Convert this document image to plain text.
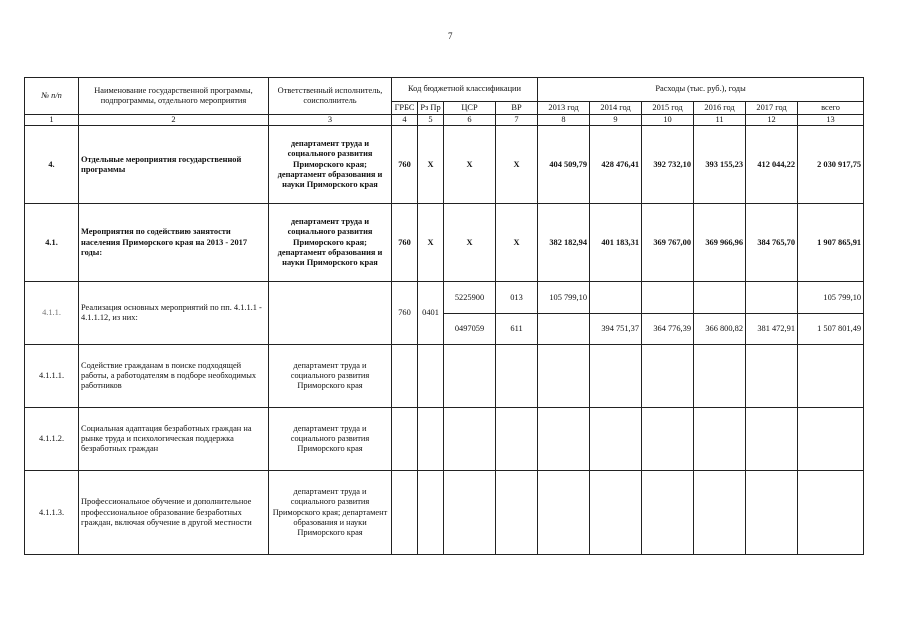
7
№ п/п	Наименование государственной программы, подпрограммы, отдельного мероприятия	Ответственный исполнитель, соисполнитель	Код бюджетной классификации				Расходы (тыс. руб.), годы					
			ГРБС	Рз Пр	ЦСР	ВР	2013 год	2014 год	2015 год	2016 год	2017 год	всего
1	2	3	4	5	6	7	8	9	10	11	12	13
4.	Отдельные мероприятия государственной программы	департамент труда и социального развития Приморского края; департамент образования и науки Приморского края	760	Х	Х	Х	404 509,79	428 476,41	392 732,10	393 155,23	412 044,22	2 030 917,75
4.1.	Мероприятия по содействию занятости населения Приморского края на 2013 - 2017 годы:	департамент труда и социального развития Приморского края; департамент образования и науки Приморского края	760	Х	Х	Х	382 182,94	401 183,31	369 767,00	369 966,96	384 765,70	1 907 865,91
4.1.1.	Реализация основных мероприятий по пп. 4.1.1.1 - 4.1.1.12, из них:		760	0401	5225900	013	105 799,10					105 799,10
					0497059	611		394 751,37	364 776,39	366 800,82	381 472,91	1 507 801,49
4.1.1.1.	Содействие гражданам в поиске подходящей работы, а работодателям в подборе необходимых работников	департамент труда и социального развития Приморского края										
4.1.1.2.	Социальная адаптация безработных граждан на рынке труда и психологическая поддержка безработных граждан	департамент труда и социального развития Приморского края										
4.1.1.3.	Профессиональное обучение и дополнительное профессиональное образование безработных граждан, включая обучение в другой местности	департамент труда и социального развития Приморского края; департамент образования и науки Приморского края										
